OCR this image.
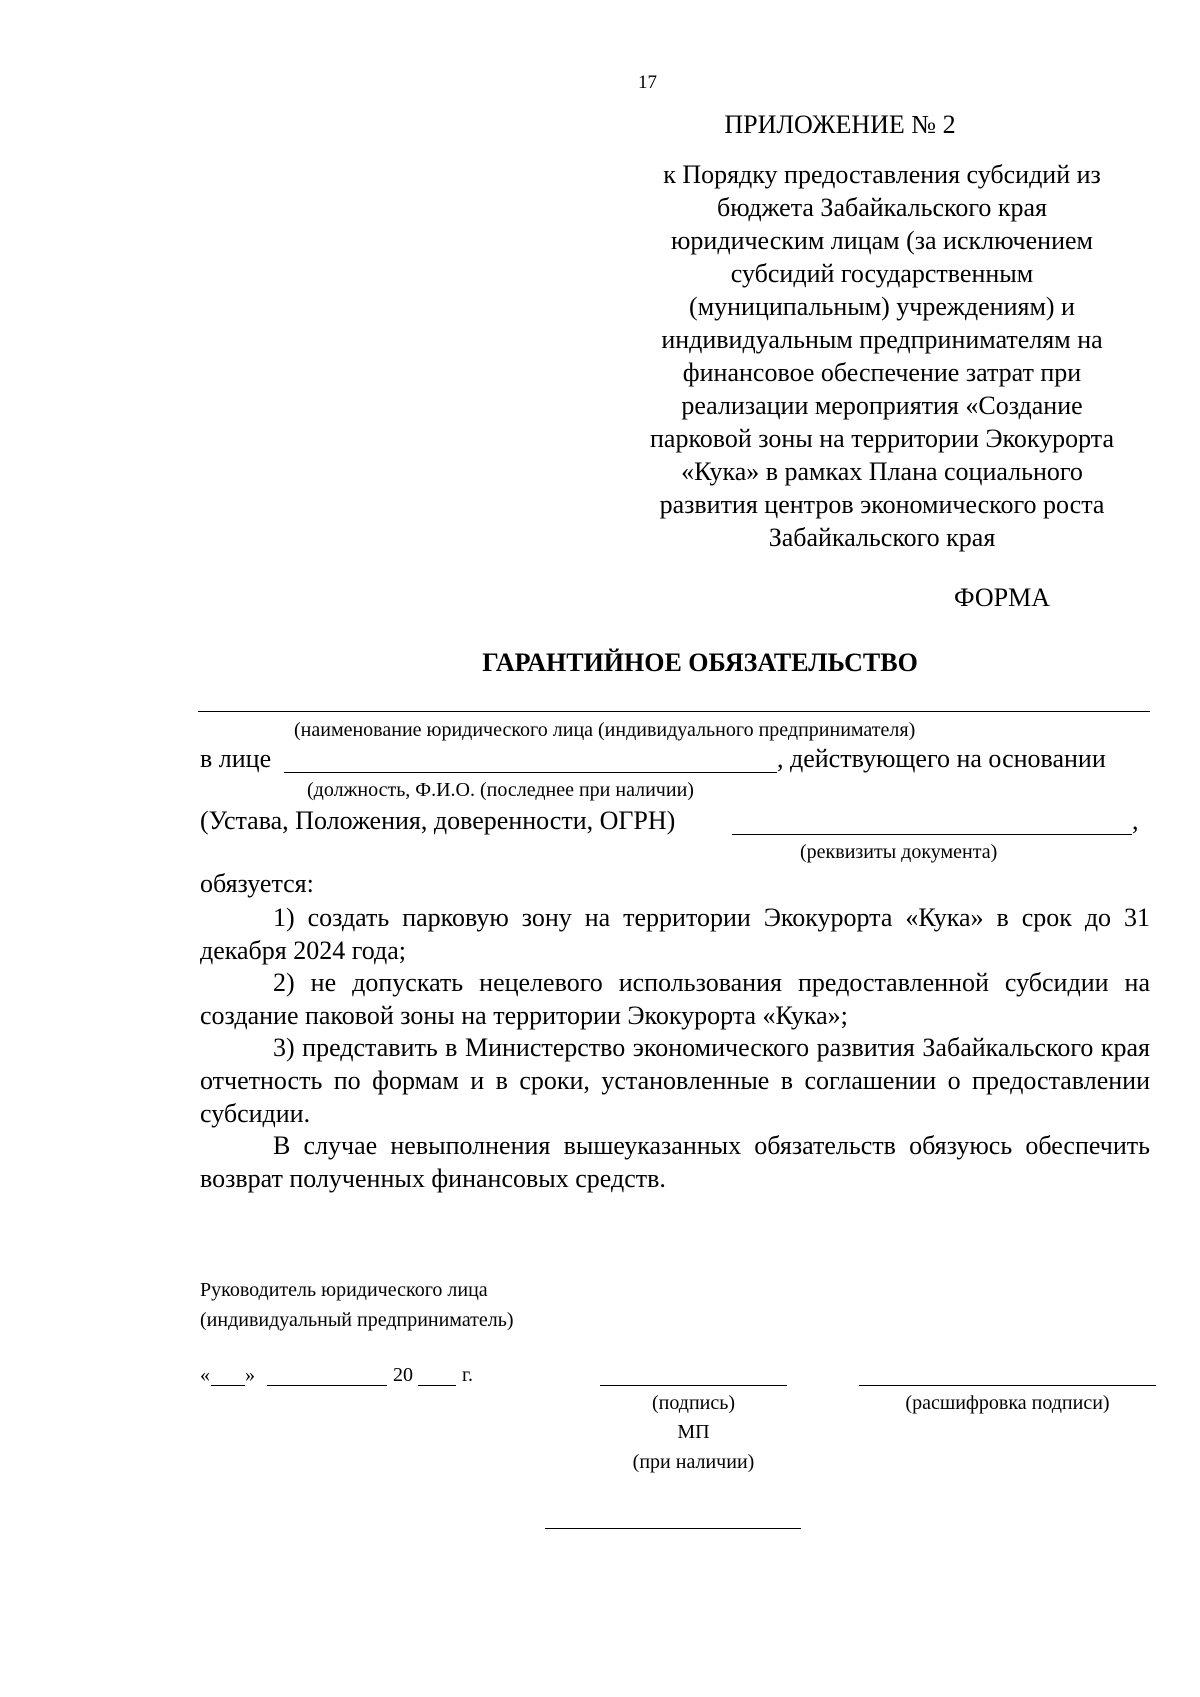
17
ПРИЛОЖЕНИЕ № 2
к Порядку предоставления субсидий из
бюджета Забайкальского края
юридическим лицам (за исключением
субсидий государственным
(муниципальным) учреждениям) и
индивидуальным предпринимателям на
финансовое обеспечение затрат при
реализации мероприятия «Создание
парковой зоны на территории Экокурорта
«Кука» в рамках Плана социального
развития центров экономического роста
Забайкальского края
ФОРМА
ГАРАНТИЙНОЕ ОБЯЗАТЕЛЬСТВО
(наименование юридического лица (индивидуального предпринимателя)
в лице	, действующего на основании
(должность, Ф.И.О. (последнее при наличии)
(Устава, Положения, доверенности, ОГРН)	,
(реквизиты документа)
обязуется:
1) создать парковую зону на территории Экокурорта «Кука» в срок до 31 декабря 2024 года;
2) не допускать нецелевого использования предоставленной субсидии на создание паковой зоны на территории Экокурорта «Кука»;
3) представить в Министерство экономического развития Забайкальского края отчетность по формам и в сроки, установленные в соглашении о предоставлении субсидии.
В случае невыполнения вышеуказанных обязательств обязуюсь обеспечить возврат полученных финансовых средств.
Руководитель юридического лица
(индивидуальный предприниматель)
« »	20 г.
(подпись)
МП
(при наличии)
(расшифровка подписи)
